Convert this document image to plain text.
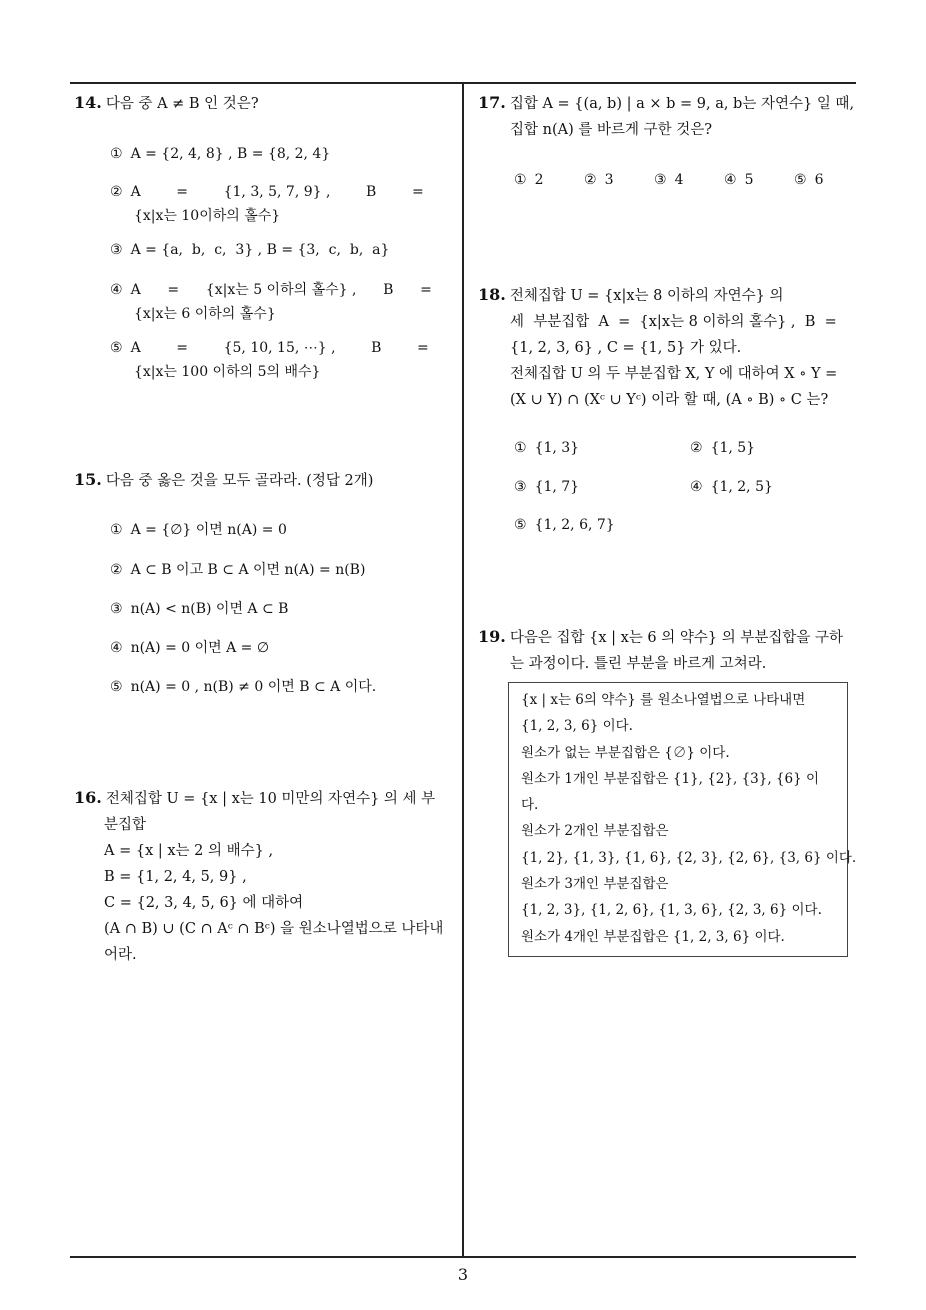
14. 다음 중 A ≠ B 인 것은?
① A = {2, 4, 8} , B = {8, 2, 4}
② A        =        {1, 3, 5, 7, 9} ,        B        =
{x|x는 10이하의 홀수}
③ A = {a,  b,  c,  3} , B = {3,  c,  b,  a}
④ A      =      {x|x는 5 이하의 홀수} ,      B      =
{x|x는 6 이하의 홀수}
⑤ A        =        {5, 10, 15, ⋯} ,        B        =
{x|x는 100 이하의 5의 배수}
15. 다음 중 옳은 것을 모두 골라라. (정답 2개)
① A = {∅} 이면 n(A) = 0
② A ⊂ B 이고 B ⊂ A 이면 n(A) = n(B)
③ n(A) < n(B) 이면 A ⊂ B
④ n(A) = 0 이면 A = ∅
⑤ n(A) = 0 , n(B) ≠ 0 이면 B ⊂ A 이다.
16. 전체집합 U = {x | x는 10 미만의 자연수} 의 세 부
분집합
A = {x | x는 2 의 배수} ,
B = {1, 2, 4, 5, 9} ,
C = {2, 3, 4, 5, 6} 에 대하여
(A ∩ B) ∪ (C ∩ Aᶜ ∩ Bᶜ) 을 원소나열법으로 나타내
어라.
17. 집합 A = {(a, b) | a × b = 9, a, b는 자연수} 일 때,
집합 n(A) 를 바르게 구한 것은?
① 2	② 3	③ 4	④ 5	⑤ 6
18. 전체집합 U = {x|x는 8 이하의 자연수} 의
세  부분집합  A  =  {x|x는 8 이하의 홀수} ,  B  =
{1, 2, 3, 6} , C = {1, 5} 가 있다.
전체집합 U 의 두 부분집합 X, Y 에 대하여 X ∘ Y =
(X ∪ Y) ∩ (Xᶜ ∪ Yᶜ) 이라 할 때, (A ∘ B) ∘ C 는?
① {1, 3}	② {1, 5}
③ {1, 7}	④ {1, 2, 5}
⑤ {1, 2, 6, 7}
19. 다음은 집합 {x | x는 6 의 약수} 의 부분집합을 구하
는 과정이다. 틀린 부분을 바르게 고쳐라.
{x | x는 6의 약수} 를 원소나열법으로 나타내면
{1, 2, 3, 6} 이다.
원소가 없는 부분집합은 {∅} 이다.
원소가 1개인 부분집합은 {1}, {2}, {3}, {6} 이
다.
원소가 2개인 부분집합은
{1, 2}, {1, 3}, {1, 6}, {2, 3}, {2, 6}, {3, 6} 이다.
원소가 3개인 부분집합은
{1, 2, 3}, {1, 2, 6}, {1, 3, 6}, {2, 3, 6} 이다.
원소가 4개인 부분집합은 {1, 2, 3, 6} 이다.
3
